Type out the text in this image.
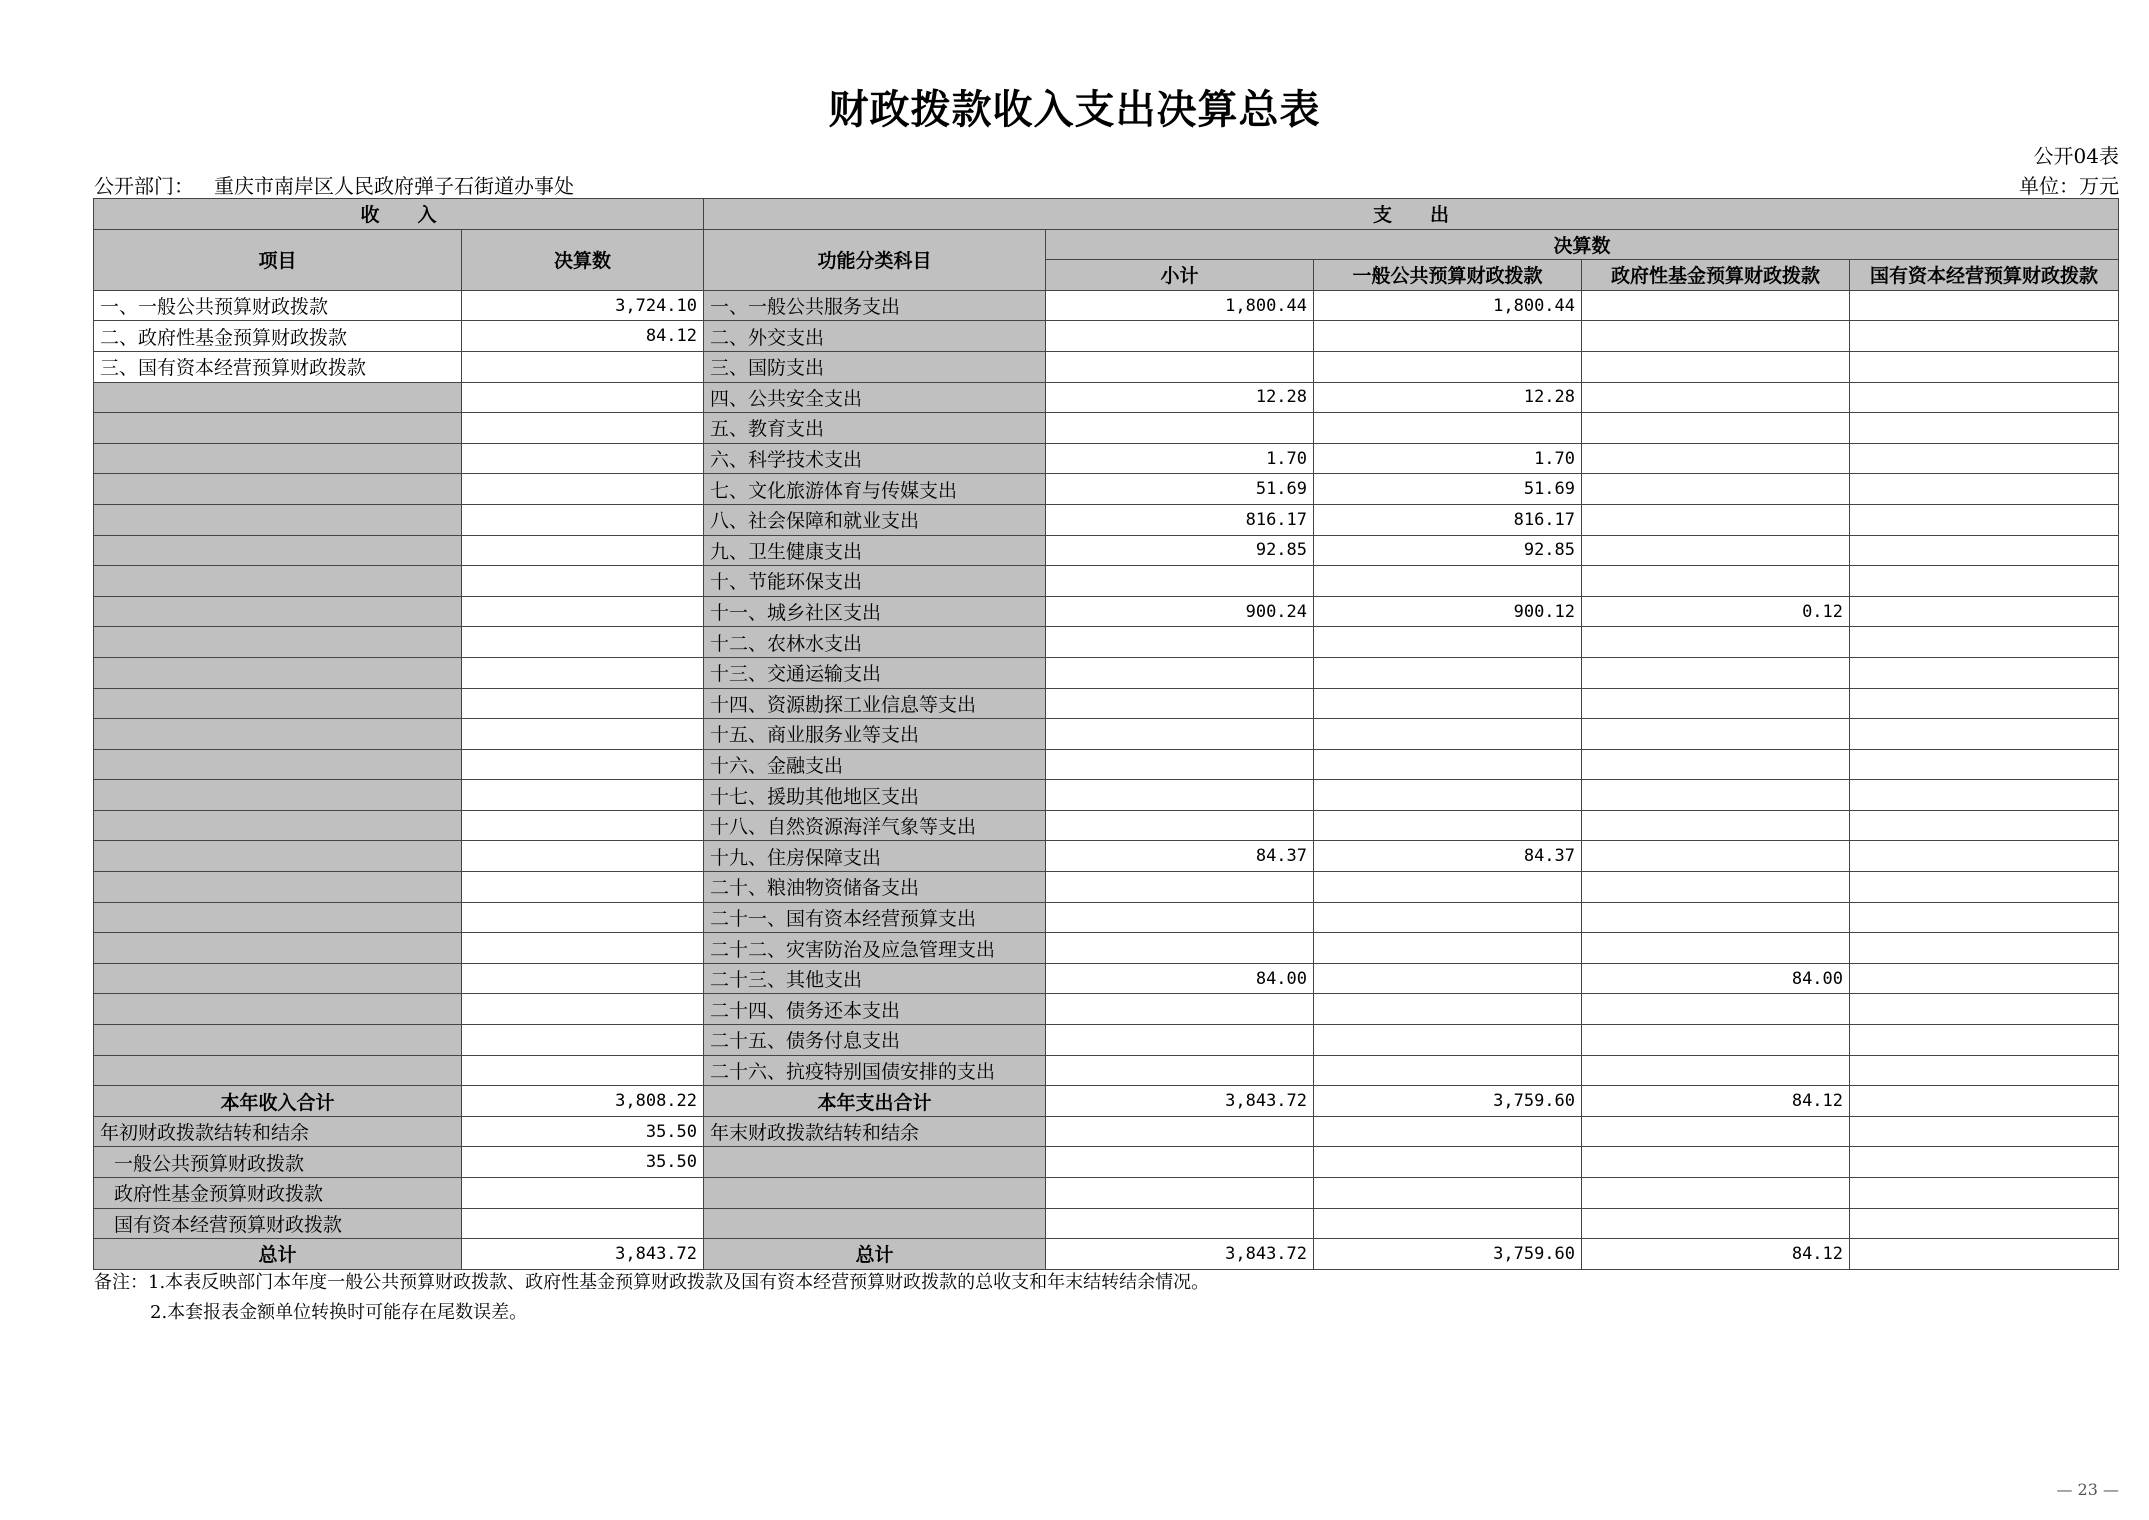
财政拨款收入支出决算总表
公开04表
公开部门： 重庆市南岸区人民政府弹子石街道办事处	单位：万元
收　　入		支　　出				
项目	决算数	功能分类科目	决算数			
			小计	一般公共预算财政拨款	政府性基金预算财政拨款	国有资本经营预算财政拨款
一、一般公共预算财政拨款	3,724.10	一、一般公共服务支出	1,800.44	1,800.44		
二、政府性基金预算财政拨款	84.12	二、外交支出				
三、国有资本经营预算财政拨款		三、国防支出				
		四、公共安全支出	12.28	12.28		
		五、教育支出				
		六、科学技术支出	1.70	1.70		
		七、文化旅游体育与传媒支出	51.69	51.69		
		八、社会保障和就业支出	816.17	816.17		
		九、卫生健康支出	92.85	92.85		
		十、节能环保支出				
		十一、城乡社区支出	900.24	900.12	0.12	
		十二、农林水支出				
		十三、交通运输支出				
		十四、资源勘探工业信息等支出				
		十五、商业服务业等支出				
		十六、金融支出				
		十七、援助其他地区支出				
		十八、自然资源海洋气象等支出				
		十九、住房保障支出	84.37	84.37		
		二十、粮油物资储备支出				
		二十一、国有资本经营预算支出				
		二十二、灾害防治及应急管理支出				
		二十三、其他支出	84.00		84.00	
		二十四、债务还本支出				
		二十五、债务付息支出				
		二十六、抗疫特别国债安排的支出				
本年收入合计	3,808.22	本年支出合计	3,843.72	3,759.60	84.12	
年初财政拨款结转和结余	35.50	年末财政拨款结转和结余				
一般公共预算财政拨款	35.50					
政府性基金预算财政拨款						
国有资本经营预算财政拨款						
总计	3,843.72	总计	3,843.72	3,759.60	84.12	
备注：1.本表反映部门本年度一般公共预算财政拨款、政府性基金预算财政拨款及国有资本经营预算财政拨款的总收支和年末结转结余情况。
2.本套报表金额单位转换时可能存在尾数误差。
— 23 —
